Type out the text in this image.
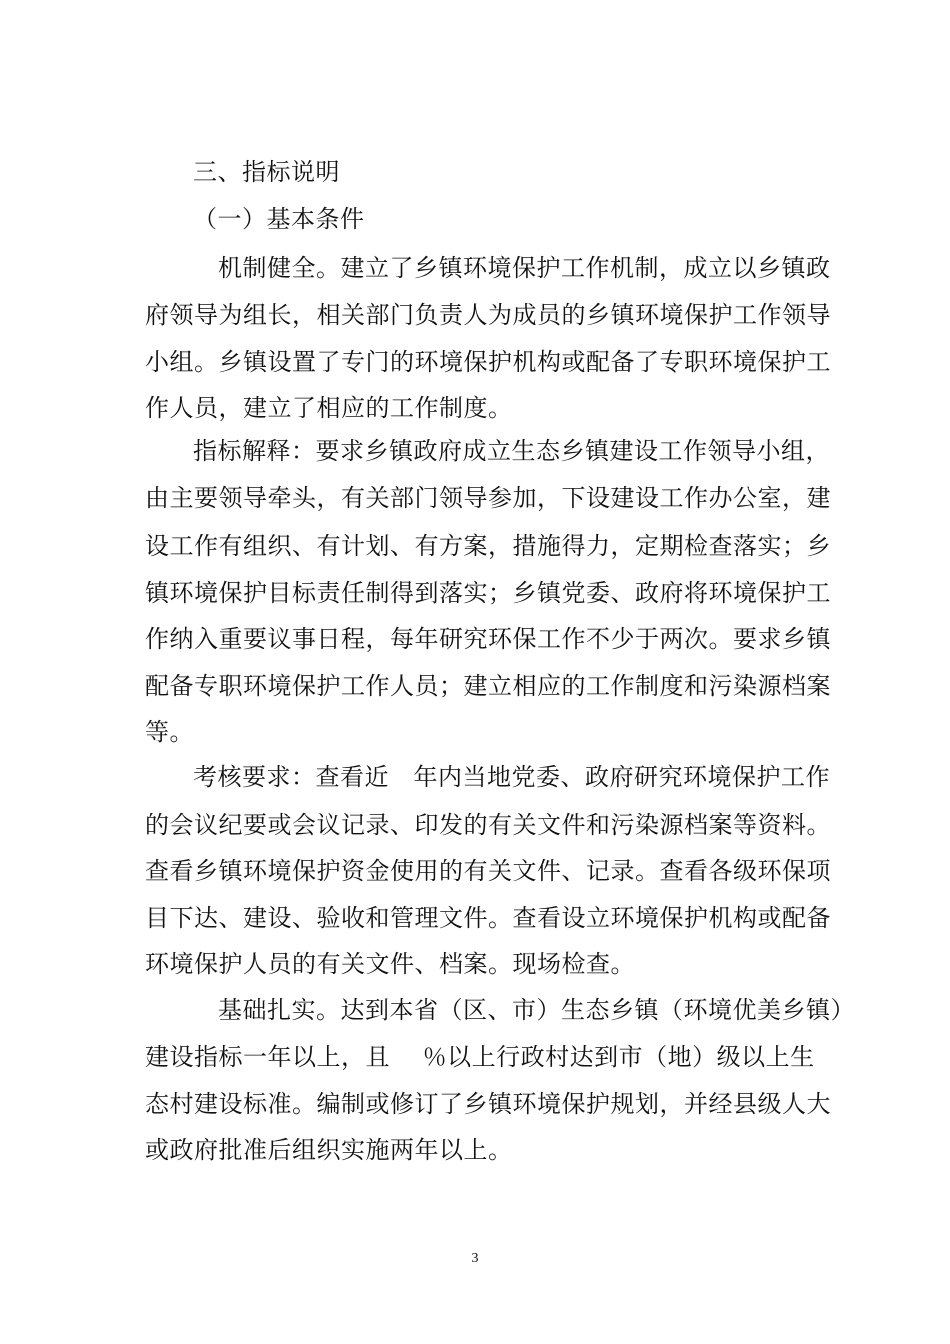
三、指标说明
（一）基本条件
机制健全。建立了乡镇环境保护工作机制，成立以乡镇政
府领导为组长，相关部门负责人为成员的乡镇环境保护工作领导
小组。乡镇设置了专门的环境保护机构或配备了专职环境保护工
作人员，建立了相应的工作制度。
指标解释：要求乡镇政府成立生态乡镇建设工作领导小组，
由主要领导牵头，有关部门领导参加，下设建设工作办公室，建
设工作有组织、有计划、有方案，措施得力，定期检查落实；乡
镇环境保护目标责任制得到落实；乡镇党委、政府将环境保护工
作纳入重要议事日程，每年研究环保工作不少于两次。要求乡镇
配备专职环境保护工作人员；建立相应的工作制度和污染源档案
等。
考核要求：查看近　年内当地党委、政府研究环境保护工作
的会议纪要或会议记录、印发的有关文件和污染源档案等资料。
查看乡镇环境保护资金使用的有关文件、记录。查看各级环保项
目下达、建设、验收和管理文件。查看设立环境保护机构或配备
环境保护人员的有关文件、档案。现场检查。
基础扎实。达到本省（区、市）生态乡镇（环境优美乡镇）
建设指标一年以上，且　 ％以上行政村达到市（地）级以上生
态村建设标准。编制或修订了乡镇环境保护规划，并经县级人大
或政府批准后组织实施两年以上。
3
